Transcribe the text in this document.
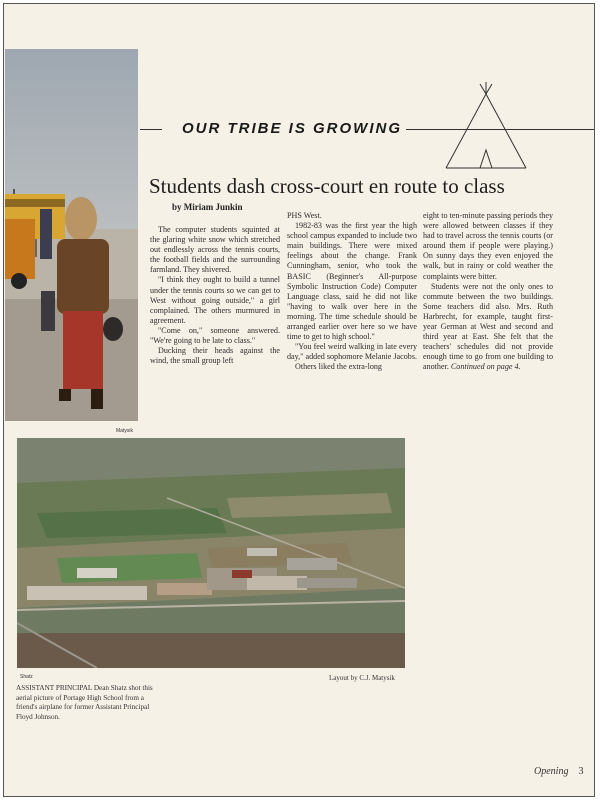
Matysik
OUR TRIBE IS GROWING
Students dash cross-court en route to class
by Miriam Junkin

The computer students squinted at the glaring white snow which stretched out endlessly across the tennis courts, the football fields and the surrounding farmland. They shivered.

"I think they ought to build a tunnel under the tennis courts so we can get to West without going outside," a girl complained. The others murmured in agreement.

"Come on," someone answered. "We're going to be late to class."

Ducking their heads against the wind, the small group left

PHS West.

1982-83 was the first year the high school campus expanded to include two main buildings. There were mixed feelings about the change. Frank Cunningham, senior, who took the BASIC (Beginner's All-purpose Symbolic Instruction Code) Computer Language class, said he did not like "having to walk over here in the morning. The time schedule should be arranged earlier over here so we have time to get to high school."

"You feel weird walking in late every day," added sophomore Melanie Jacobs.

Others liked the extra-long

eight to ten-minute passing periods they were allowed between classes if they had to travel across the tennis courts (or around them if people were playing.) On sunny days they even enjoyed the walk, but in rainy or cold weather the complaints were bitter.

Students were not the only ones to commute between the two buildings. Some teachers did also. Mrs. Ruth Harbrecht, for example, taught first-year German at West and second and third year at East. She felt that the teachers' schedules did not provide enough time to go from one building to another. Continued on page 4.

Shatz	Layout by C.J. Matysik
ASSISTANT PRINCIPAL Dean Shatz shot this aerial picture of Portage High School from a friend's airplane for former Assistant Principal Floyd Johnson.
Opening 3
